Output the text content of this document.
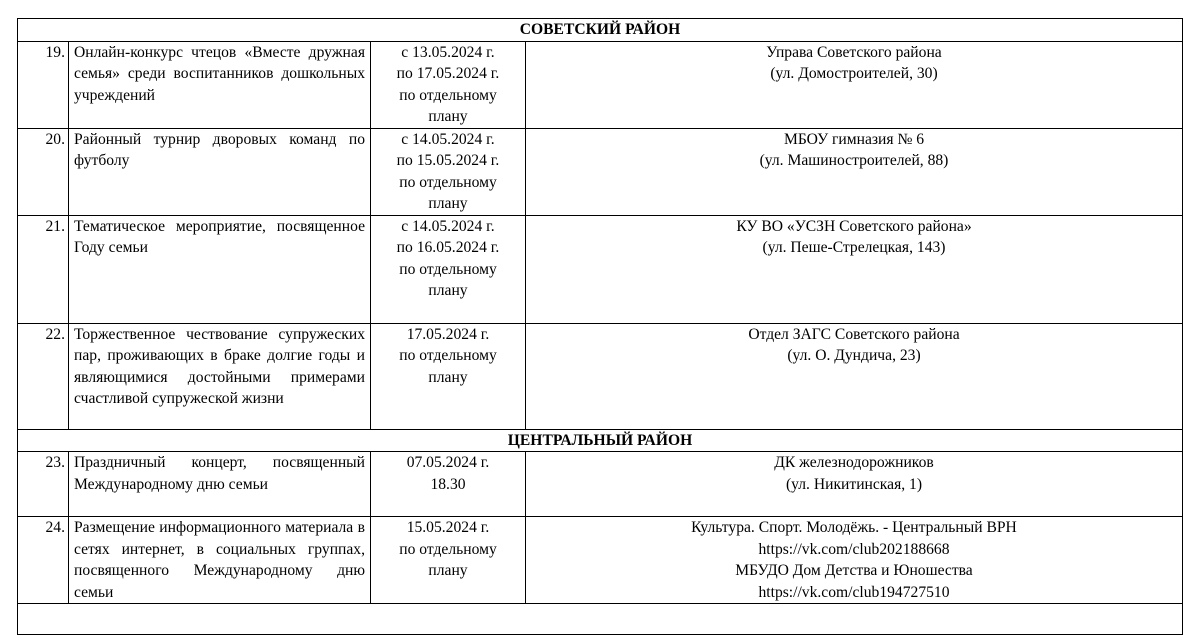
СОВЕТСКИЙ РАЙОН			
19.	Онлайн-конкурс чтецов «Вместе дружная семья» среди воспитанников дошкольных учреждений	с 13.05.2024 г.
по 17.05.2024 г.
по отдельному
плану	Управа Советского района
(ул. Домостроителей, 30)

20.	Районный турнир дворовых команд по футболу	с 14.05.2024 г.
по 15.05.2024 г.
по отдельному
плану	МБОУ гимназия № 6
(ул. Машиностроителей, 88)

21.	Тематическое мероприятие, посвященное Году семьи	с 14.05.2024 г.
по 16.05.2024 г.
по отдельному
плану	КУ ВО «УСЗН Советского района»
(ул. Пеше-Стрелецкая, 143)

22.	Торжественное чествование супружеских пар, проживающих в браке долгие годы и являющимися достойными примерами счастливой супружеской жизни	17.05.2024 г.
по отдельному
плану	Отдел ЗАГС Советского района
(ул. О. Дундича, 23)

ЦЕНТРАЛЬНЫЙ РАЙОН			
23.	Праздничный концерт, посвященный Международному дню семьи	07.05.2024 г.
18.30	ДК железнодорожников
(ул. Никитинская, 1)

24.	Размещение информационного материала в сетях интернет, в социальных группах, посвященного Международному дню семьи	15.05.2024 г.
по отдельному
плану	Культура. Спорт. Молодёжь. - Центральный ВРН
https://vk.com/club202188668
МБУДО Дом Детства и Юношества
https://vk.com/club194727510
